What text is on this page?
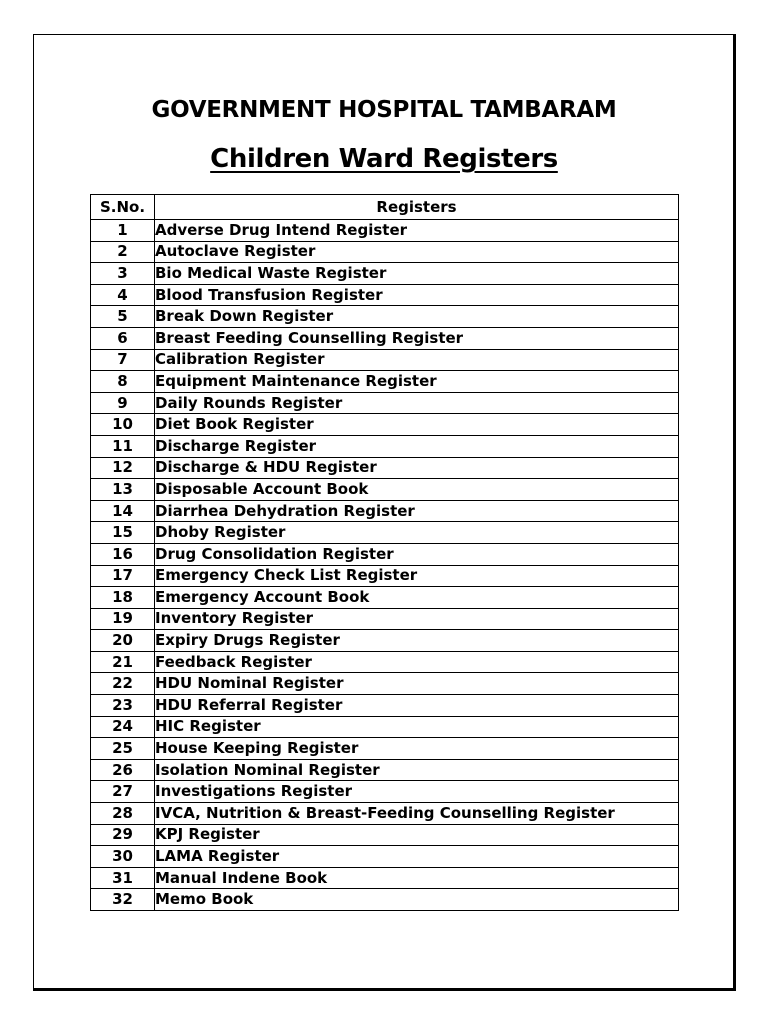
GOVERNMENT HOSPITAL TAMBARAM
Children Ward Registers
S.No.	Registers
1	Adverse Drug Intend Register
2	Autoclave Register
3	Bio Medical Waste Register
4	Blood Transfusion Register
5	Break Down Register
6	Breast Feeding Counselling Register
7	Calibration Register
8	Equipment Maintenance Register
9	Daily Rounds Register
10	Diet Book Register
11	Discharge Register
12	Discharge & HDU Register
13	Disposable Account Book
14	Diarrhea Dehydration Register
15	Dhoby Register
16	Drug Consolidation Register
17	Emergency Check List Register
18	Emergency Account Book
19	Inventory Register
20	Expiry Drugs Register
21	Feedback Register
22	HDU Nominal Register
23	HDU Referral Register
24	HIC Register
25	House Keeping Register
26	Isolation Nominal Register
27	Investigations Register
28	IVCA, Nutrition & Breast-Feeding Counselling Register
29	KPJ Register
30	LAMA Register
31	Manual Indene Book
32	Memo Book
